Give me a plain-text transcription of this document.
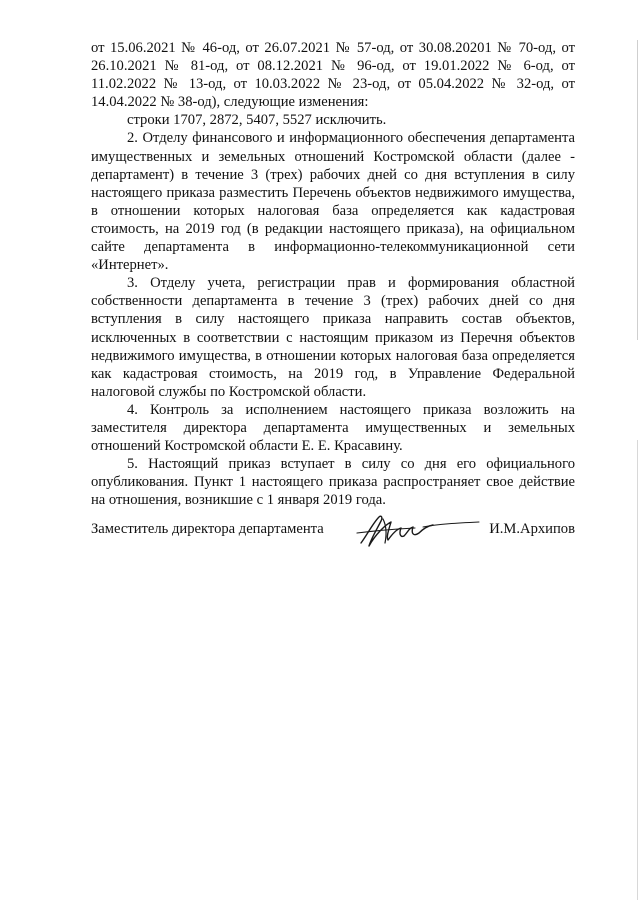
от 15.06.2021 № 46-од, от 26.07.2021 № 57-од, от 30.08.20201 № 70-од, от 26.10.2021 № 81-од, от 08.12.2021 № 96-од, от 19.01.2022 № 6-од, от 11.02.2022 № 13-од, от 10.03.2022 № 23-од, от 05.04.2022 № 32-од, от 14.04.2022 № 38-од), следующие изменения:

строки 1707, 2872, 5407, 5527 исключить.

2. Отделу финансового и информационного обеспечения департамента имущественных и земельных отношений Костромской области (далее - департамент) в течение 3 (трех) рабочих дней со дня вступления в силу настоящего приказа разместить Перечень объектов недвижимого имущества, в отношении которых налоговая база определяется как кадастровая стоимость, на 2019 год (в редакции настоящего приказа), на официальном сайте департамента в информационно-телекоммуникационной сети «Интернет».

3. Отделу учета, регистрации прав и формирования областной собственности департамента в течение 3 (трех) рабочих дней со дня вступления в силу настоящего приказа направить состав объектов, исключенных в соответствии с настоящим приказом из Перечня объектов недвижимого имущества, в отношении которых налоговая база определяется как кадастровая стоимость, на 2019 год, в Управление Федеральной налоговой службы по Костромской области.

4. Контроль за исполнением настоящего приказа возложить на заместителя директора департамента имущественных и земельных отношений Костромской области Е. Е. Красавину.

5. Настоящий приказ вступает в силу со дня его официального опубликования. Пункт 1 настоящего приказа распространяет свое действие на отношения, возникшие с 1 января 2019 года.

Заместитель директора департамента	И.М.Архипов
